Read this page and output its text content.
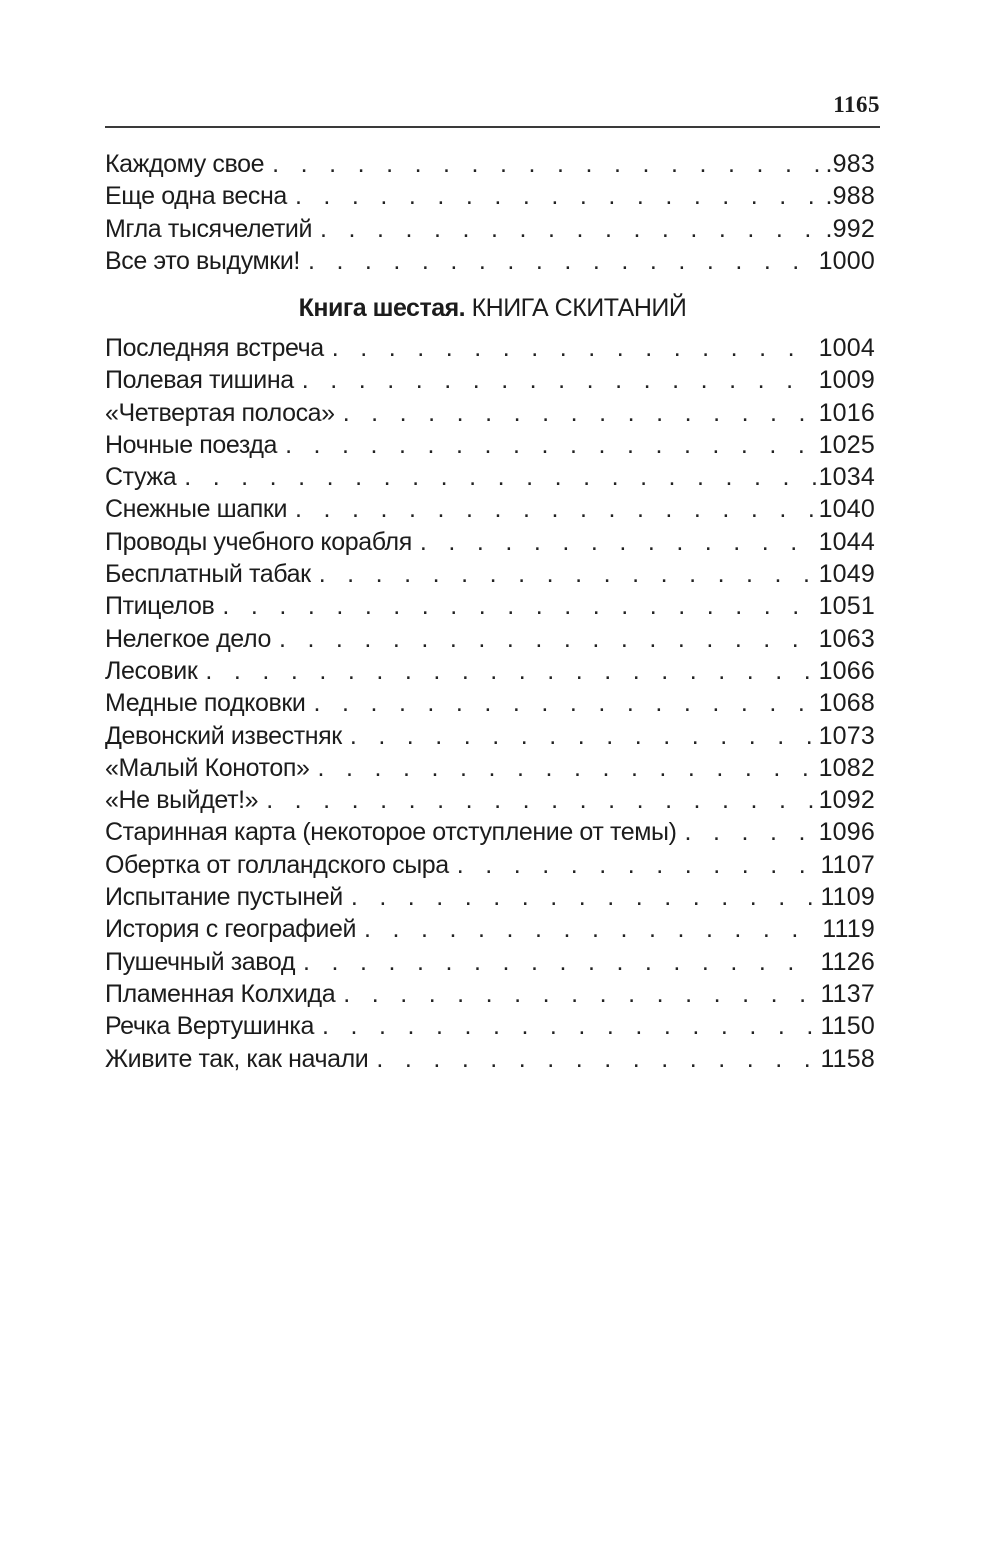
1165
Каждому свое . . .	.983
Еще одна весна . . .	.988
Мгла тысячелетий . . .	.992
Все это выдумки! . . .	1000
Книга шестая. КНИГА СКИТАНИЙ
Последняя встреча . . .	1004
Полевая тишина . . .	1009
«Четвертая полоса» . . .	1016
Ночные поезда . . .	1025
Стужа . . .	1034
Снежные шапки . . .	1040
Проводы учебного корабля . . .	1044
Бесплатный табак . . .	1049
Птицелов . . .	1051
Нелегкое дело . . .	1063
Лесовик . . .	1066
Медные подковки . . .	1068
Девонский известняк . . .	1073
«Малый Конотоп» . . .	1082
«Не выйдет!» . . .	1092
Старинная карта (некоторое отступление от темы) . . .	1096
Обертка от голландского сыра . . .	1107
Испытание пустыней . . .	1109
История с географией . . .	1119
Пушечный завод . . .	1126
Пламенная Колхида . . .	1137
Речка Вертушинка . . .	1150
Живите так, как начали . . .	1158
